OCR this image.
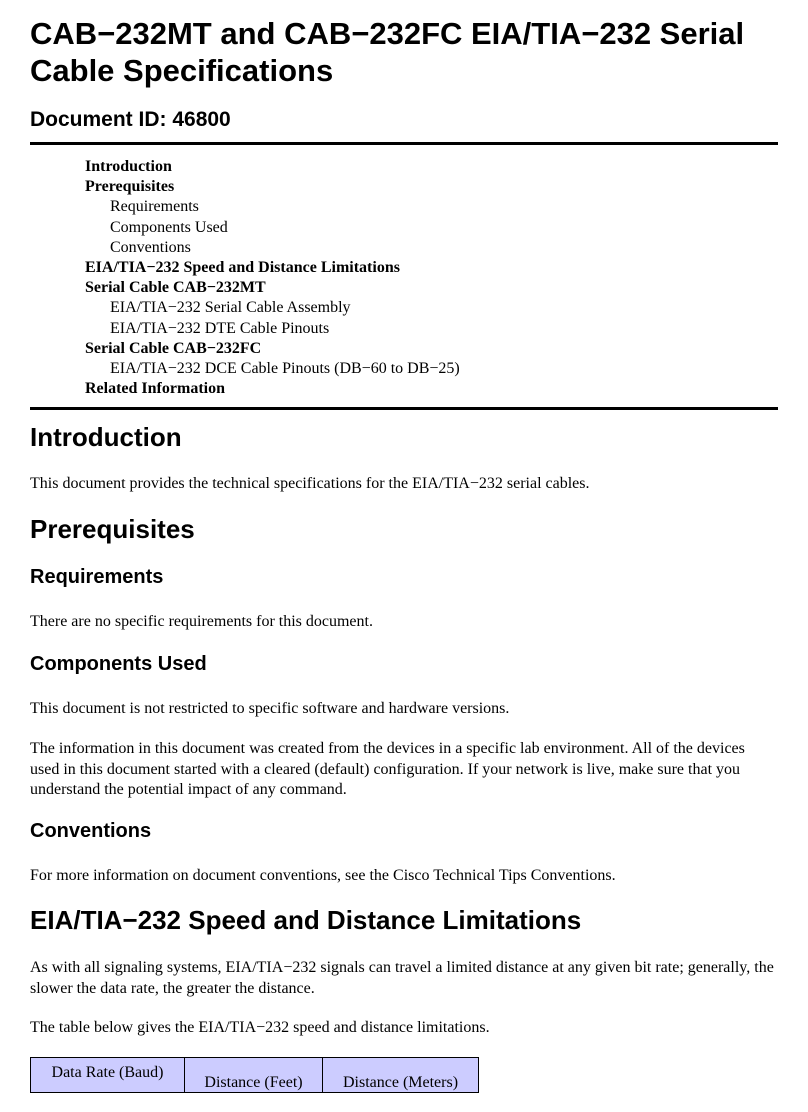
CAB−232MT and CAB−232FC EIA/TIA−232 Serial Cable Specifications
Document ID: 46800
Introduction
Prerequisites
Requirements
Components Used
Conventions
EIA/TIA−232 Speed and Distance Limitations
Serial Cable CAB−232MT
EIA/TIA−232 Serial Cable Assembly
EIA/TIA−232 DTE Cable Pinouts
Serial Cable CAB−232FC
EIA/TIA−232 DCE Cable Pinouts (DB−60 to DB−25)
Related Information
Introduction

This document provides the technical specifications for the EIA/TIA−232 serial cables.

Prerequisites
Requirements

There are no specific requirements for this document.

Components Used

This document is not restricted to specific software and hardware versions.

The information in this document was created from the devices in a specific lab environment. All of the devices used in this document started with a cleared (default) configuration. If your network is live, make sure that you understand the potential impact of any command.

Conventions

For more information on document conventions, see the Cisco Technical Tips Conventions.

EIA/TIA−232 Speed and Distance Limitations

As with all signaling systems, EIA/TIA−232 signals can travel a limited distance at any given bit rate; generally, the slower the data rate, the greater the distance.

The table below gives the EIA/TIA−232 speed and distance limitations.

Data Rate (Baud)	Distance (Feet)	Distance (Meters)
